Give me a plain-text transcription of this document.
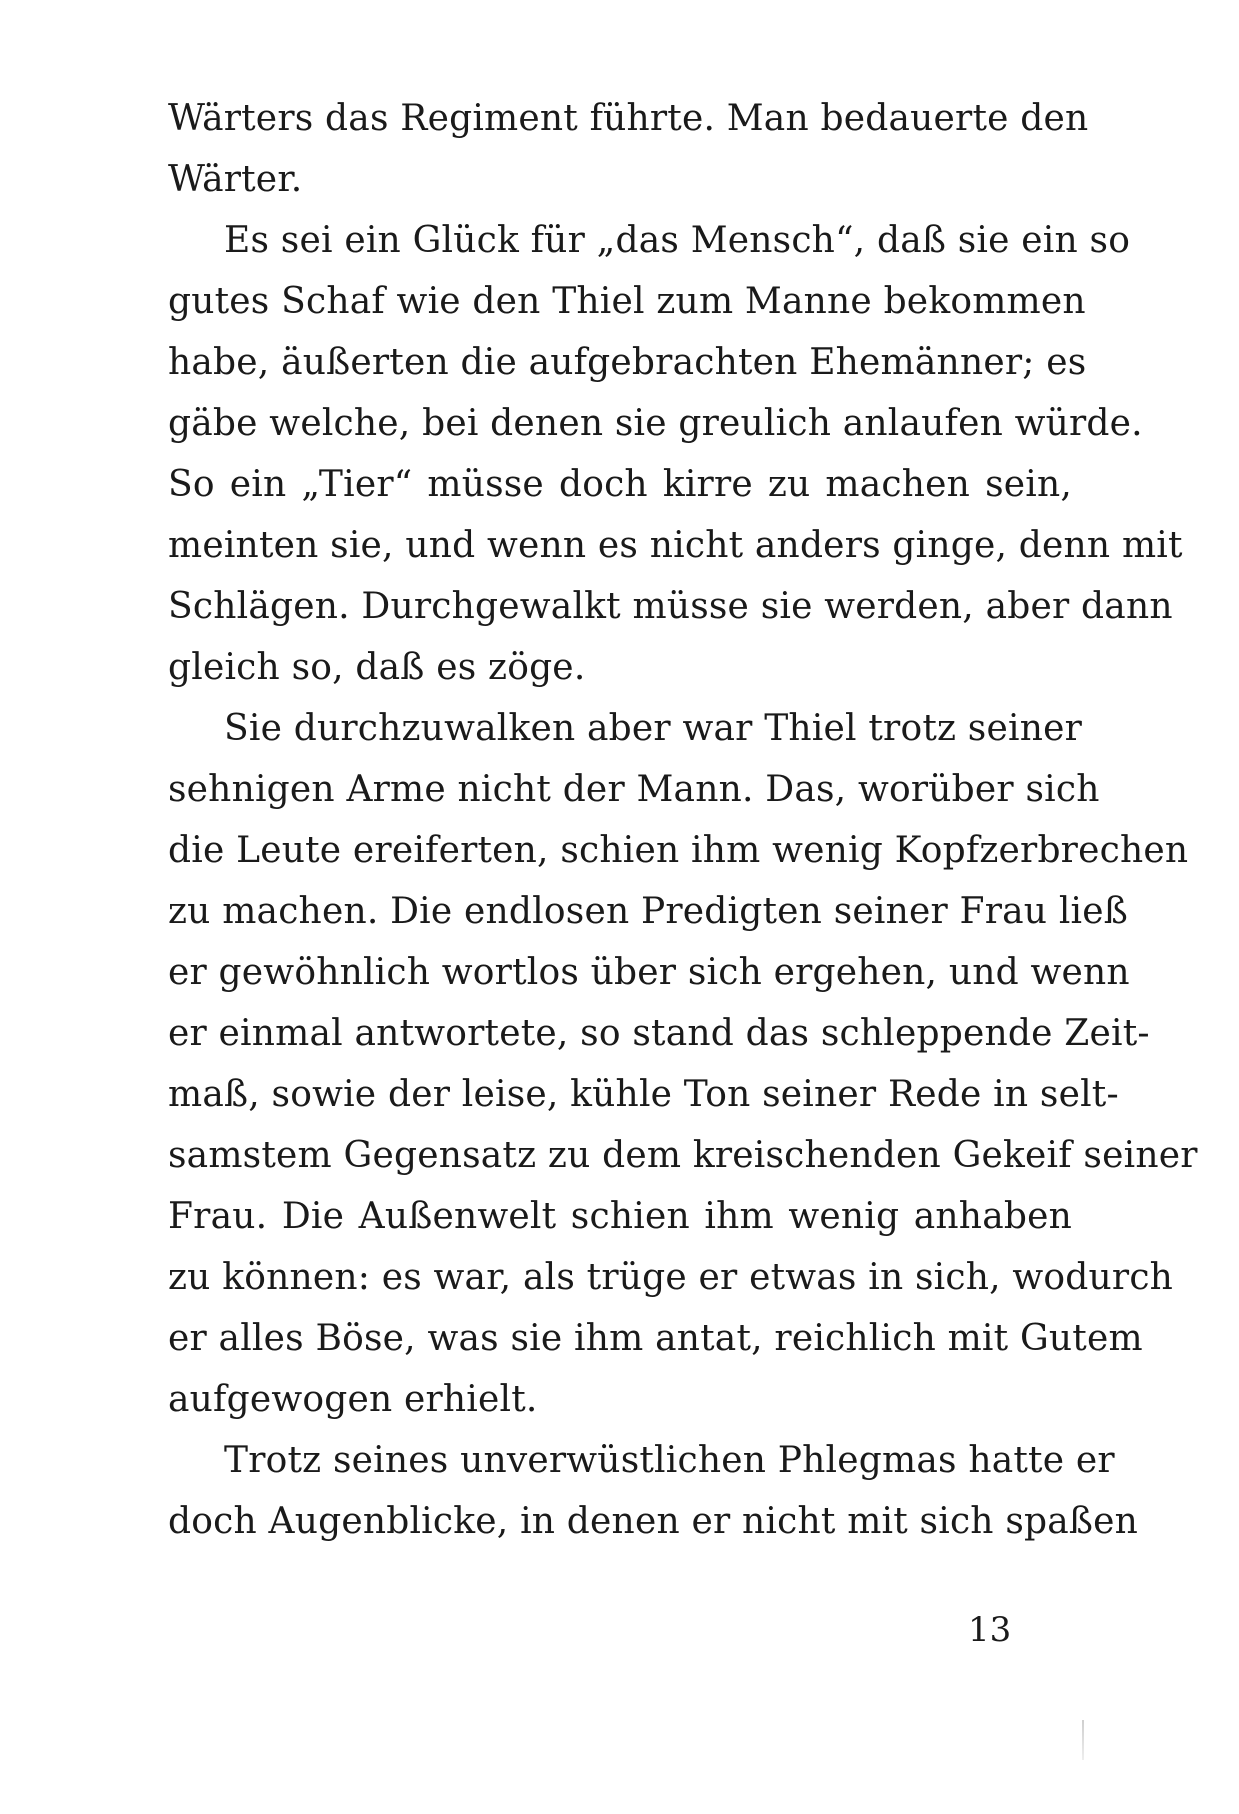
Wärters das Regiment führte. Man bedauerte den
Wärter.
Es sei ein Glück für „das Mensch“, daß sie ein so
gutes Schaf wie den Thiel zum Manne bekommen
habe, äußerten die aufgebrachten Ehemänner; es
gäbe welche, bei denen sie greulich anlaufen würde.
So ein „Tier“ müsse doch kirre zu machen sein,
meinten sie, und wenn es nicht anders ginge, denn mit
Schlägen. Durchgewalkt müsse sie werden, aber dann
gleich so, daß es zöge.
Sie durchzuwalken aber war Thiel trotz seiner
sehnigen Arme nicht der Mann. Das, worüber sich
die Leute ereiferten, schien ihm wenig Kopfzerbrechen
zu machen. Die endlosen Predigten seiner Frau ließ
er gewöhnlich wortlos über sich ergehen, und wenn
er einmal antwortete, so stand das schleppende Zeit-
maß, sowie der leise, kühle Ton seiner Rede in selt-
samstem Gegensatz zu dem kreischenden Gekeif seiner
Frau. Die Außenwelt schien ihm wenig anhaben
zu können: es war, als trüge er etwas in sich, wodurch
er alles Böse, was sie ihm antat, reichlich mit Gutem
aufgewogen erhielt.
Trotz seines unverwüstlichen Phlegmas hatte er
doch Augenblicke, in denen er nicht mit sich spaßen
13
